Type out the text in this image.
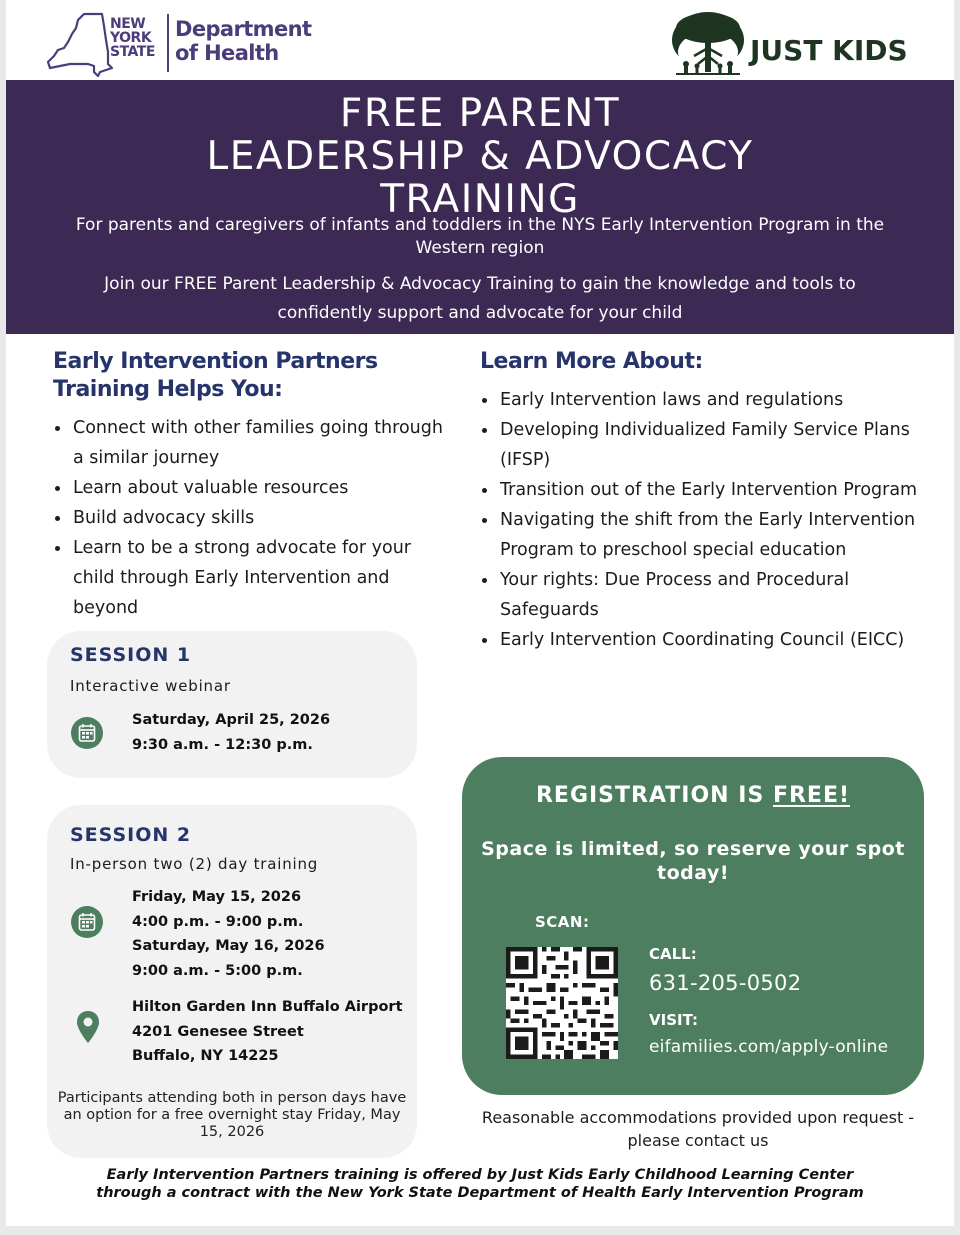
NEW
YORK
STATE
Department
of Health	JUST KIDS
FREE PARENT
LEADERSHIP & ADVOCACY
TRAINING
For parents and caregivers of infants and toddlers in the NYS Early Intervention Program in the Western region
Join our FREE Parent Leadership & Advocacy Training to gain the knowledge and tools to confidently support and advocate for your child
Early Intervention Partners Training Helps You:
Connect with other families going through a similar journey
Learn about valuable resources
Build advocacy skills
Learn to be a strong advocate for your child through Early Intervention and beyond
Learn More About:
Early Intervention laws and regulations
Developing Individualized Family Service Plans (IFSP)
Transition out of the Early Intervention Program
Navigating the shift from the Early Intervention Program to preschool special education
Your rights: Due Process and Procedural Safeguards
Early Intervention Coordinating Council (EICC)
SESSION 1
Interactive webinar
Saturday, April 25, 2026
9:30 a.m. - 12:30 p.m.
SESSION 2
In-person two (2) day training
Friday, May 15, 2026
4:00 p.m. - 9:00 p.m.
Saturday, May 16, 2026
9:00 a.m. - 5:00 p.m.
Hilton Garden Inn Buffalo Airport
4201 Genesee Street
Buffalo, NY 14225
Participants attending both in person days have an option for a free overnight stay Friday, May 15, 2026
REGISTRATION IS FREE!
Space is limited, so reserve your spot today!
SCAN:
CALL:
631-205-0502
VISIT:
eifamilies.com/apply-online
Reasonable accommodations provided upon request - please contact us
Early Intervention Partners training is offered by Just Kids Early Childhood Learning Center
through a contract with the New York State Department of Health Early Intervention Program
